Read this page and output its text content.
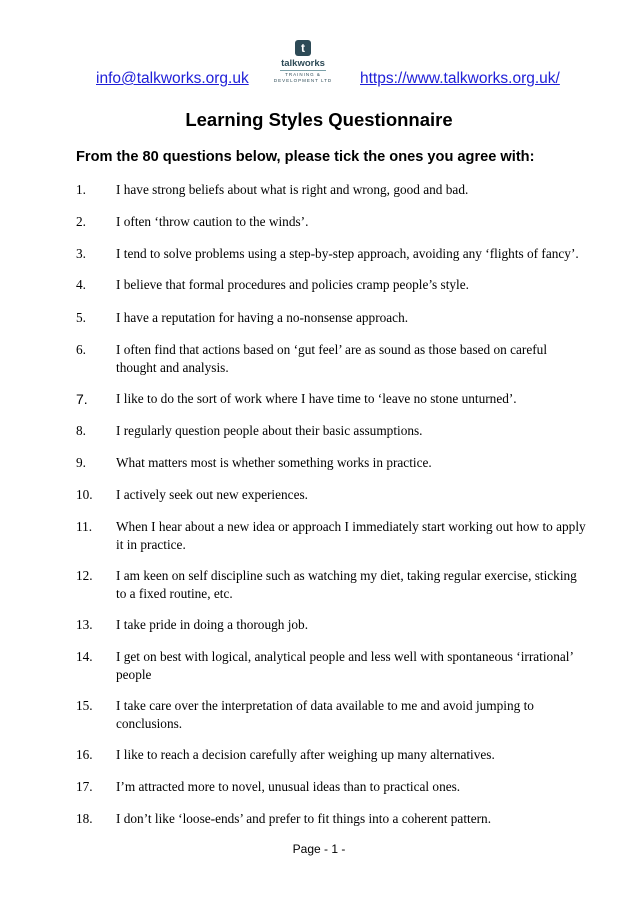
info@talkworks.org.uk
t
talkworks
TRAINING &
DEVELOPMENT LTD https://www.talkworks.org.uk/
Learning Styles Questionnaire
From the 80 questions below, please tick the ones you agree with:
1. I have strong beliefs about what is right and wrong, good and bad.
2. I often ‘throw caution to the winds’.
3. I tend to solve problems using a step-by-step approach, avoiding any ‘flights of fancy’.
4. I believe that formal procedures and policies cramp people’s style.
5. I have a reputation for having a no-nonsense approach.
6. I often find that actions based on ‘gut feel’ are as sound as those based on careful thought and analysis.
7. I like to do the sort of work where I have time to ‘leave no stone unturned’.
8. I regularly question people about their basic assumptions.
9. What matters most is whether something works in practice.
10. I actively seek out new experiences.
11. When I hear about a new idea or approach I immediately start working out how to apply it in practice.
12. I am keen on self discipline such as watching my diet, taking regular exercise, sticking to a fixed routine, etc.
13. I take pride in doing a thorough job.
14. I get on best with logical, analytical people and less well with spontaneous ‘irrational’ people
15. I take care over the interpretation of data available to me and avoid jumping to conclusions.
16. I like to reach a decision carefully after weighing up many alternatives.
17. I’m attracted more to novel, unusual ideas than to practical ones.
18. I don’t like ‘loose-ends’ and prefer to fit things into a coherent pattern.
Page - 1 -
